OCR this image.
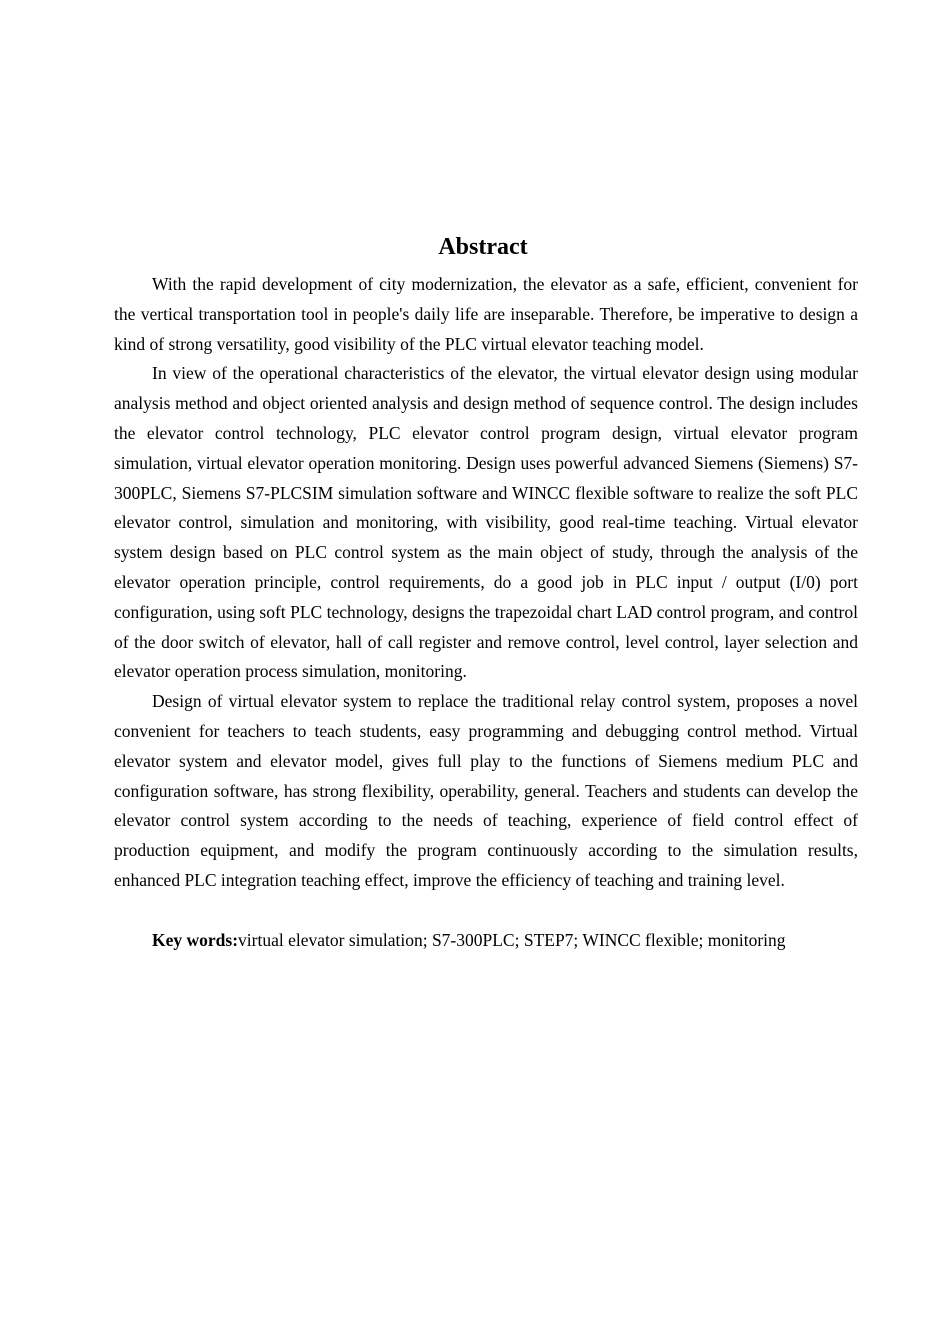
Abstract

With the rapid development of city modernization, the elevator as a safe, efficient, convenient for the vertical transportation tool in people's daily life are inseparable. Therefore, be imperative to design a kind of strong versatility, good visibility of the PLC virtual elevator teaching model.

In view of the operational characteristics of the elevator, the virtual elevator design using modular analysis method and object oriented analysis and design method of sequence control. The design includes the elevator control technology, PLC elevator control program design, virtual elevator program simulation, virtual elevator operation monitoring. Design uses powerful advanced Siemens (Siemens) S7-300PLC, Siemens S7-PLCSIM simulation software and WINCC flexible software to realize the soft PLC elevator control, simulation and monitoring, with visibility, good real-time teaching. Virtual elevator system design based on PLC control system as the main object of study, through the analysis of the elevator operation principle, control requirements, do a good job in PLC input / output (I/0) port configuration, using soft PLC technology, designs the trapezoidal chart LAD control program, and control of the door switch of elevator, hall of call register and remove control, level control, layer selection and elevator operation process simulation, monitoring.

Design of virtual elevator system to replace the traditional relay control system, proposes a novel convenient for teachers to teach students, easy programming and debugging control method. Virtual elevator system and elevator model, gives full play to the functions of Siemens medium PLC and configuration software, has strong flexibility, operability, general. Teachers and students can develop the elevator control system according to the needs of teaching, experience of field control effect of production equipment, and modify the program continuously according to the simulation results, enhanced PLC integration teaching effect, improve the efficiency of teaching and training level.

Key words:virtual elevator simulation; S7-300PLC; STEP7; WINCC flexible; monitoring
